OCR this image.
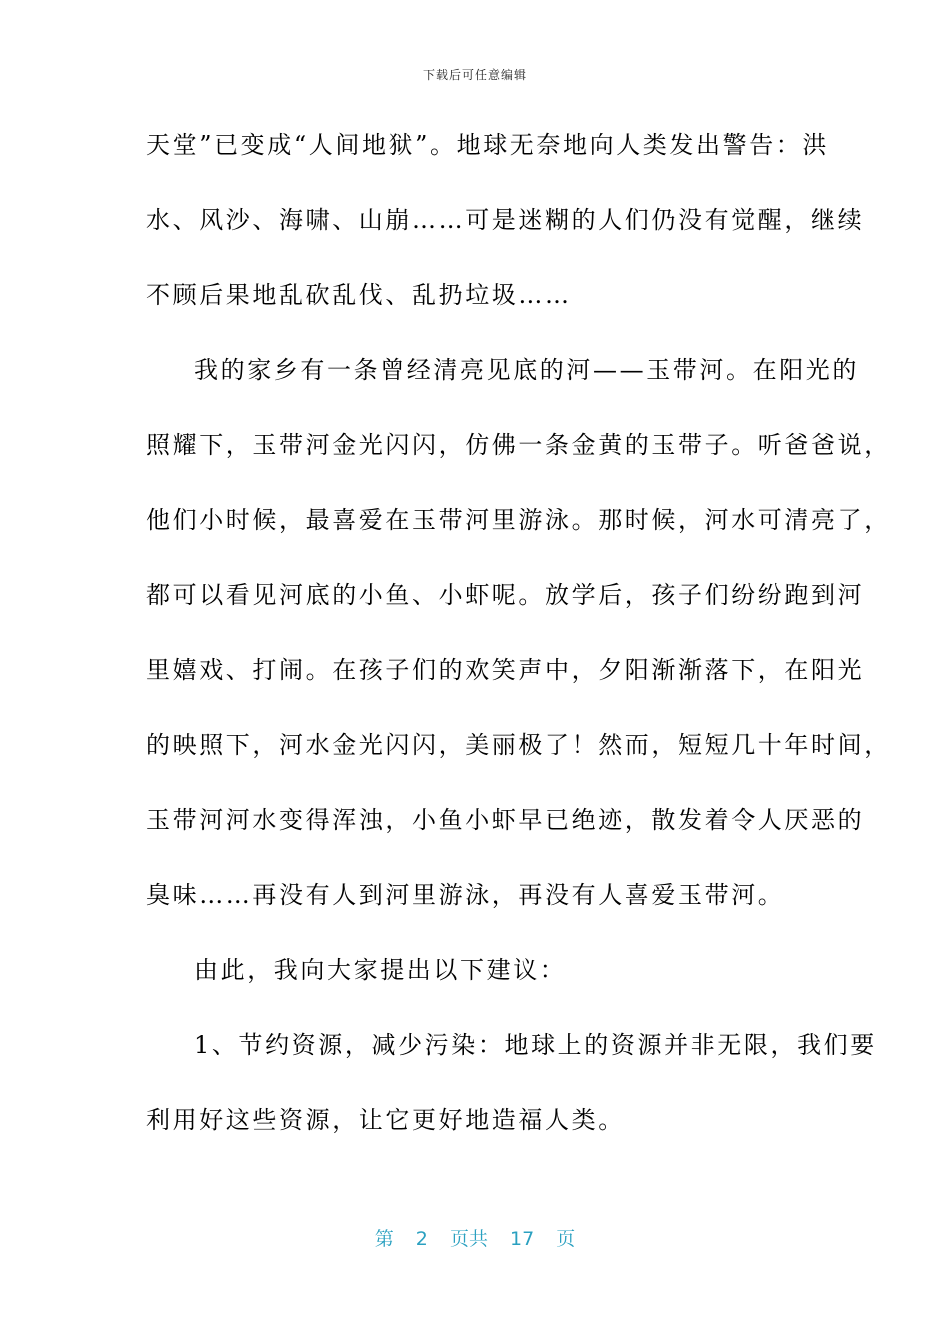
下载后可任意编辑
天堂”已变成“人间地狱”。地球无奈地向人类发出警告：洪
水、风沙、海啸、山崩……可是迷糊的人们仍没有觉醒，继续
不顾后果地乱砍乱伐、乱扔垃圾……
我的家乡有一条曾经清亮见底的河——玉带河。在阳光的
照耀下，玉带河金光闪闪，仿佛一条金黄的玉带子。听爸爸说，
他们小时候，最喜爱在玉带河里游泳。那时候，河水可清亮了，
都可以看见河底的小鱼、小虾呢。放学后，孩子们纷纷跑到河
里嬉戏、打闹。在孩子们的欢笑声中，夕阳渐渐落下，在阳光
的映照下，河水金光闪闪，美丽极了！然而，短短几十年时间，
玉带河河水变得浑浊，小鱼小虾早已绝迹，散发着令人厌恶的
臭味……再没有人到河里游泳，再没有人喜爱玉带河。
由此，我向大家提出以下建议：
1、节约资源，减少污染：地球上的资源并非无限，我们要
利用好这些资源，让它更好地造福人类。
第 2 页共 17 页
